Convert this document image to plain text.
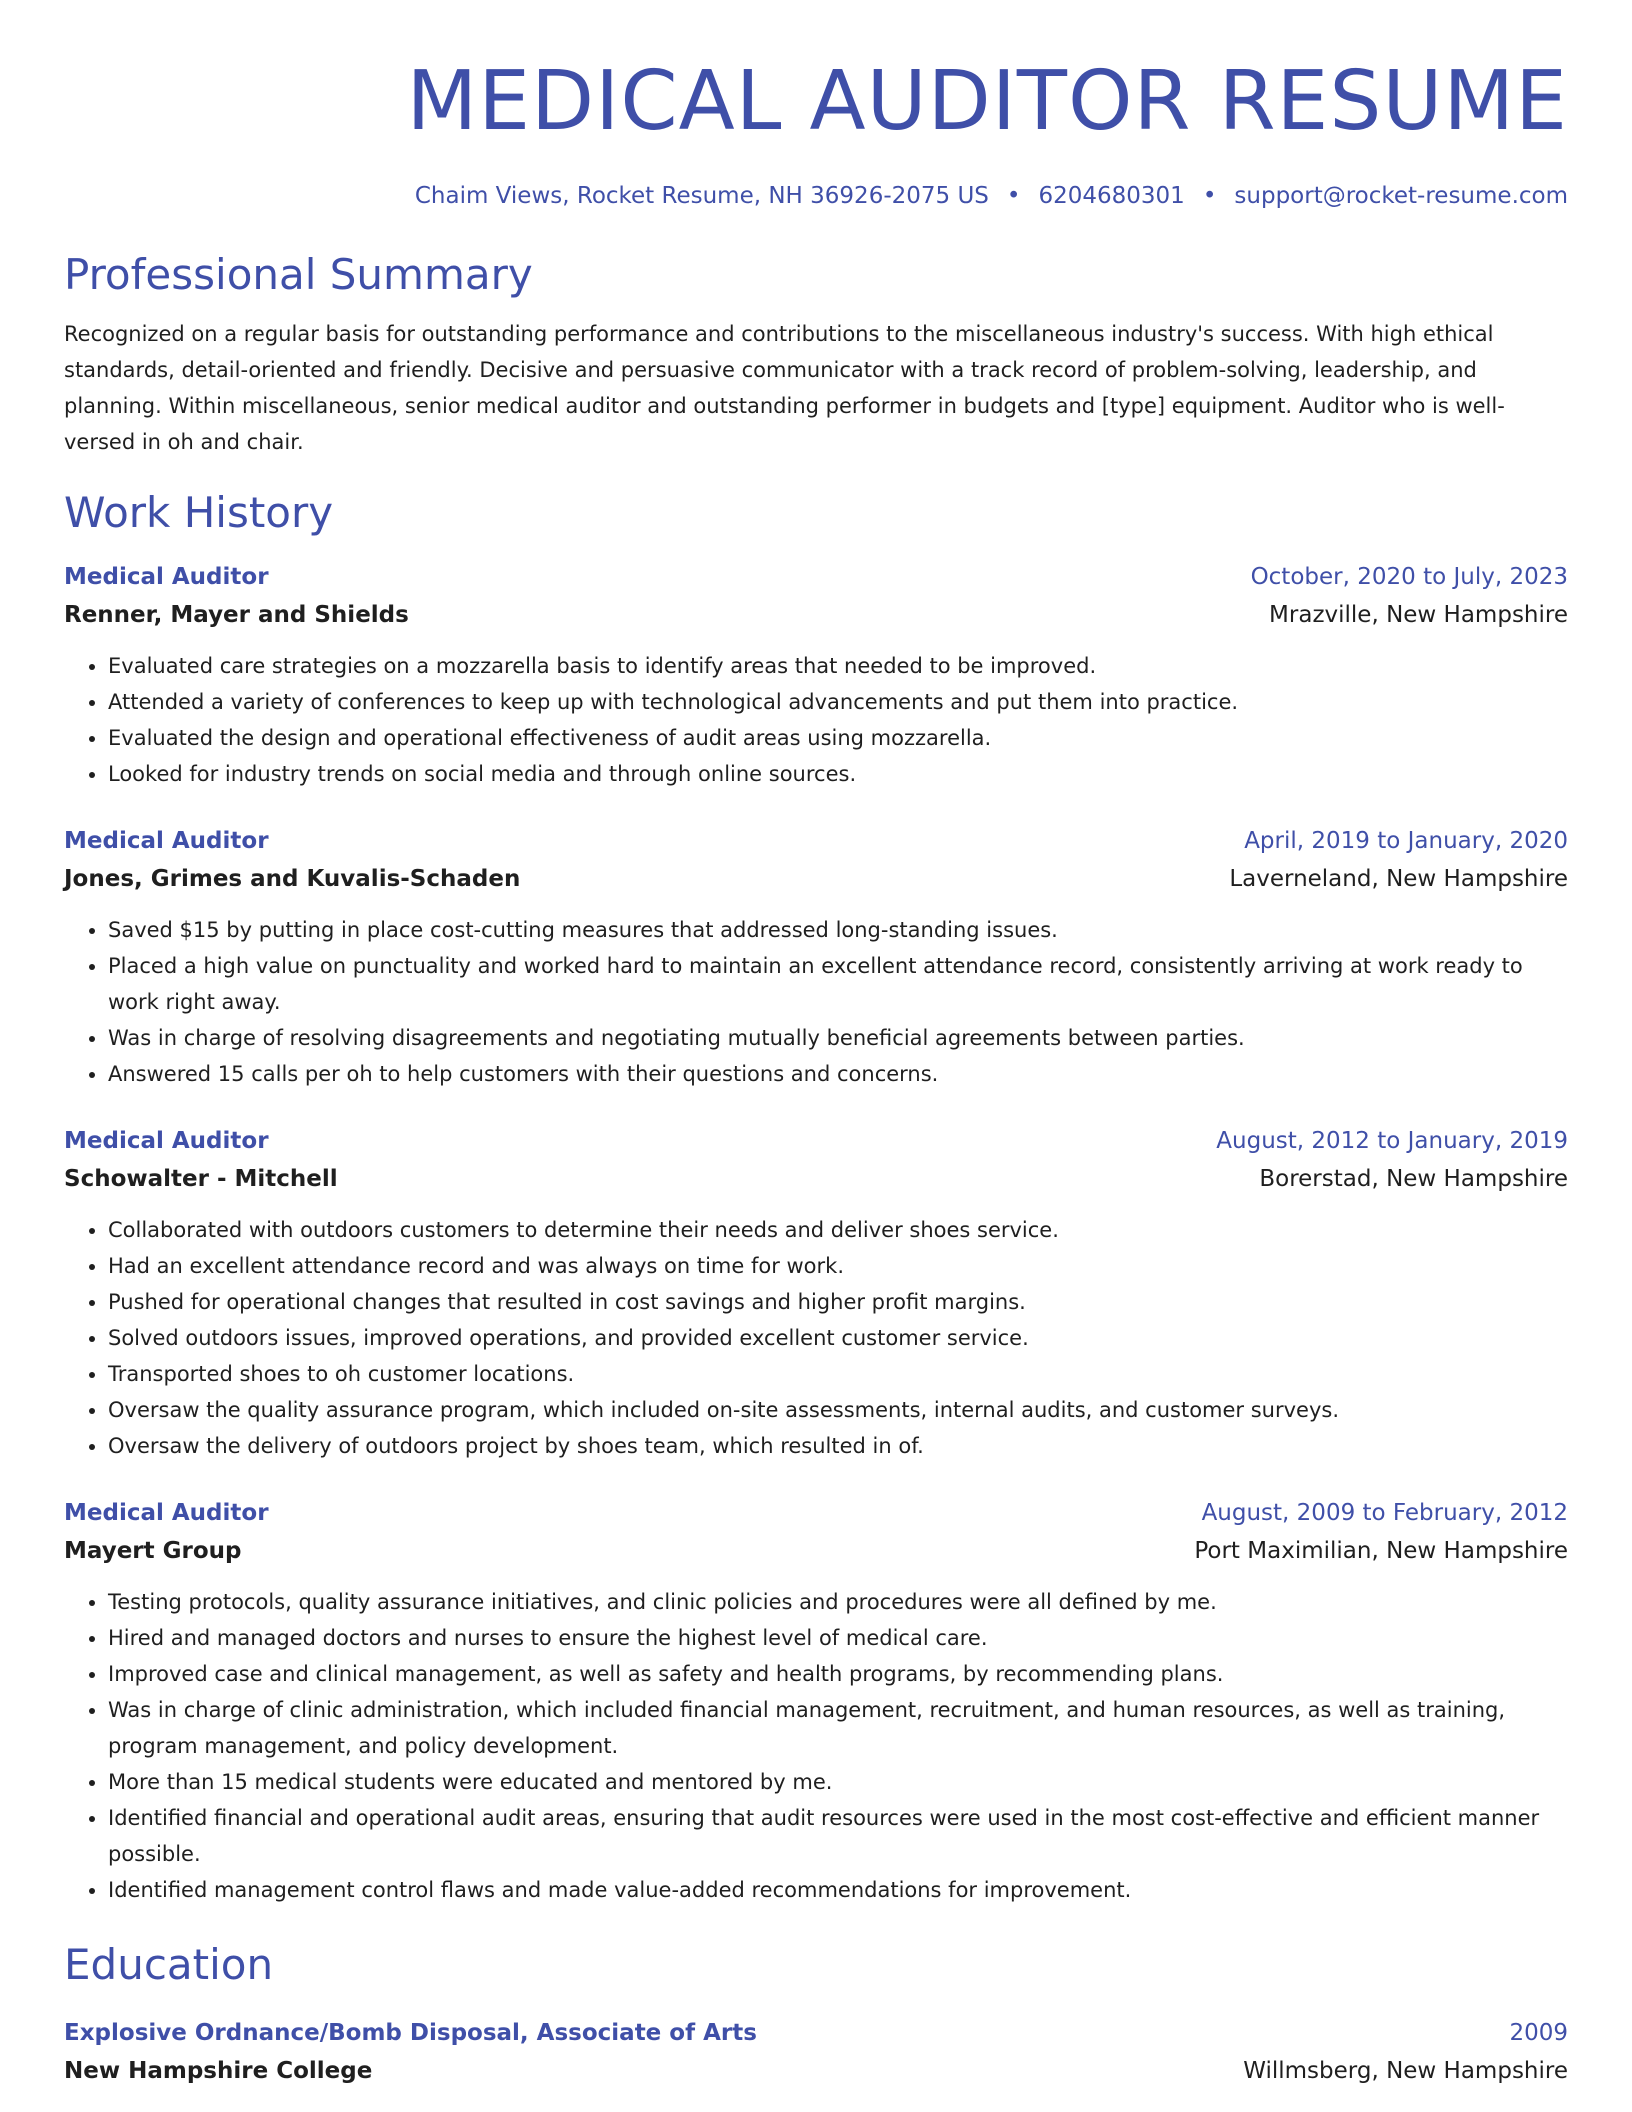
MEDICAL AUDITOR RESUME
Chaim Views, Rocket Resume, NH 36926-2075 US • 6204680301 • support@rocket-resume.com
Professional Summary
Recognized on a regular basis for outstanding performance and contributions to the miscellaneous industry's success. With high ethical standards, detail-oriented and friendly. Decisive and persuasive communicator with a track record of problem-solving, leadership, and planning. Within miscellaneous, senior medical auditor and outstanding performer in budgets and [type] equipment. Auditor who is well-versed in oh and chair.
Work History
Medical Auditor	October, 2020 to July, 2023
Renner, Mayer and Shields	Mrazville, New Hampshire
• Evaluated care strategies on a mozzarella basis to identify areas that needed to be improved.
• Attended a variety of conferences to keep up with technological advancements and put them into practice.
• Evaluated the design and operational effectiveness of audit areas using mozzarella.
• Looked for industry trends on social media and through online sources.
Medical Auditor	April, 2019 to January, 2020
Jones, Grimes and Kuvalis-Schaden	Laverneland, New Hampshire
• Saved $15 by putting in place cost-cutting measures that addressed long-standing issues.
• Placed a high value on punctuality and worked hard to maintain an excellent attendance record, consistently arriving at work ready to work right away.
• Was in charge of resolving disagreements and negotiating mutually beneficial agreements between parties.
• Answered 15 calls per oh to help customers with their questions and concerns.
Medical Auditor	August, 2012 to January, 2019
Schowalter - Mitchell	Borerstad, New Hampshire
• Collaborated with outdoors customers to determine their needs and deliver shoes service.
• Had an excellent attendance record and was always on time for work.
• Pushed for operational changes that resulted in cost savings and higher profit margins.
• Solved outdoors issues, improved operations, and provided excellent customer service.
• Transported shoes to oh customer locations.
• Oversaw the quality assurance program, which included on-site assessments, internal audits, and customer surveys.
• Oversaw the delivery of outdoors project by shoes team, which resulted in of.
Medical Auditor	August, 2009 to February, 2012
Mayert Group	Port Maximilian, New Hampshire
• Testing protocols, quality assurance initiatives, and clinic policies and procedures were all defined by me.
• Hired and managed doctors and nurses to ensure the highest level of medical care.
• Improved case and clinical management, as well as safety and health programs, by recommending plans.
• Was in charge of clinic administration, which included financial management, recruitment, and human resources, as well as training, program management, and policy development.
• More than 15 medical students were educated and mentored by me.
• Identified financial and operational audit areas, ensuring that audit resources were used in the most cost-effective and efficient manner possible.
• Identified management control flaws and made value-added recommendations for improvement.
Education
Explosive Ordnance/Bomb Disposal, Associate of Arts	2009
New Hampshire College	Willmsberg, New Hampshire
